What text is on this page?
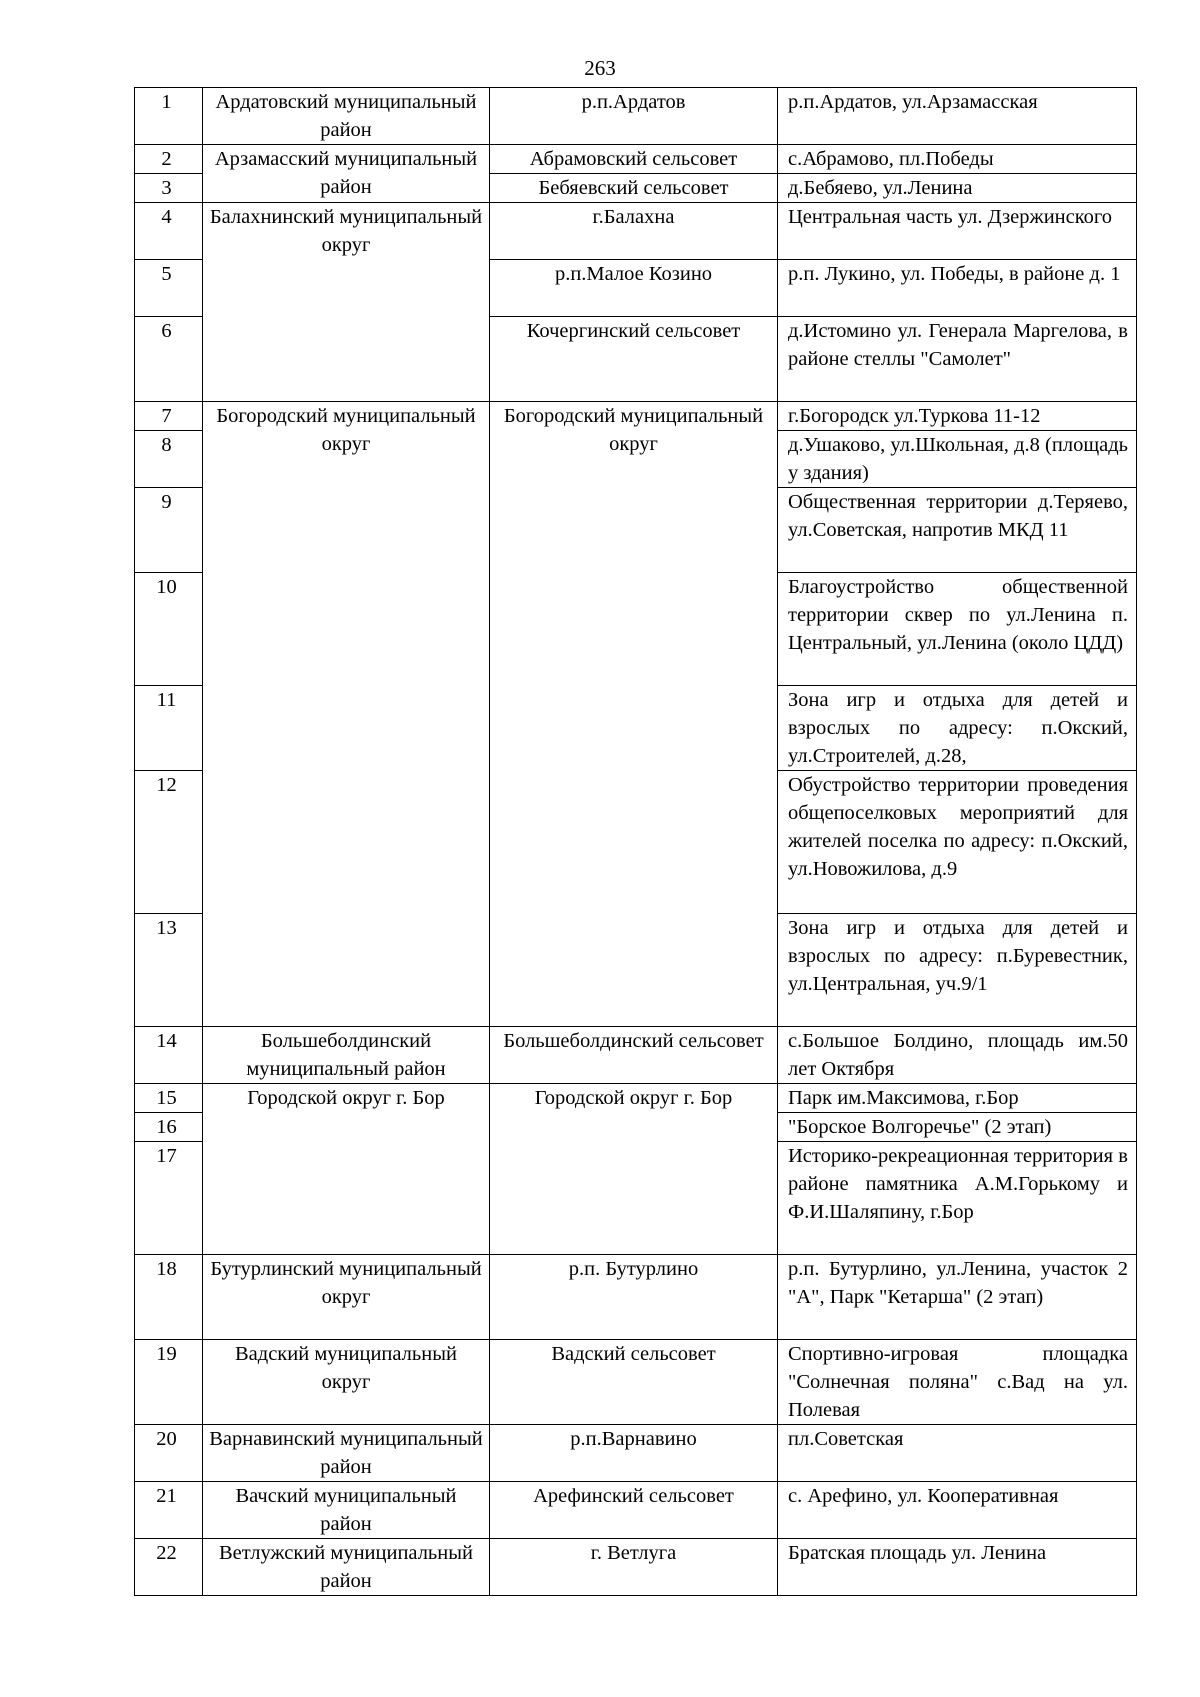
263
1	Ардатовский муниципальный район	р.п.Ардатов	р.п.Ардатов, ул.Арзамасская

2	Арзамасский муниципальный район	Абрамовский сельсовет	с.Абрамово, пл.Победы

3		Бебяевский сельсовет	д.Бебяево, ул.Ленина

4	Балахнинский муниципальный округ	г.Балахна	Центральная часть ул. Дзержинского

5		р.п.Малое Козино	р.п. Лукино, ул. Победы, в районе д. 1

6		Кочергинский сельсовет	д.Истомино ул. Генерала Маргелова, в районе стеллы "Самолет"

7	Богородский муниципальный округ	Богородский муниципальный округ	г.Богородск ул.Туркова 11-12

8			д.Ушаково, ул.Школьная, д.8 (площадь у здания)

9			Общественная территории д.Теряево, ул.Советская, напротив МКД 11

10			Благоустройство общественной территории сквер по ул.Ленина п. Центральный, ул.Ленина (около ЦДД)

11			Зона игр и отдыха для детей и взрослых по адресу: п.Окский, ул.Строителей, д.28,

12			Обустройство территории проведения общепоселковых мероприятий для жителей поселка по адресу: п.Окский, ул.Новожилова, д.9

13			Зона игр и отдыха для детей и взрослых по адресу: п.Буревестник, ул.Центральная, уч.9/1

14	Большеболдинский муниципальный район	Большеболдинский сельсовет	с.Большое Болдино, площадь им.50 лет Октября

15	Городской округ г. Бор	Городской округ г. Бор	Парк им.Максимова, г.Бор

16			"Борское Волгоречье" (2 этап)

17			Историко-рекреационная территория в районе памятника А.М.Горькому и Ф.И.Шаляпину, г.Бор

18	Бутурлинский муниципальный округ	р.п. Бутурлино	р.п. Бутурлино, ул.Ленина, участок 2 "А", Парк "Кетарша" (2 этап)

19	Вадский муниципальный округ	Вадский сельсовет	Спортивно-игровая площадка "Солнечная поляна" с.Вад на ул. Полевая

20	Варнавинский муниципальный район	р.п.Варнавино	пл.Советская

21	Вачский муниципальный район	Арефинский сельсовет	с. Арефино, ул. Кооперативная

22	Ветлужский муниципальный район	г. Ветлуга	Братская площадь ул. Ленина
